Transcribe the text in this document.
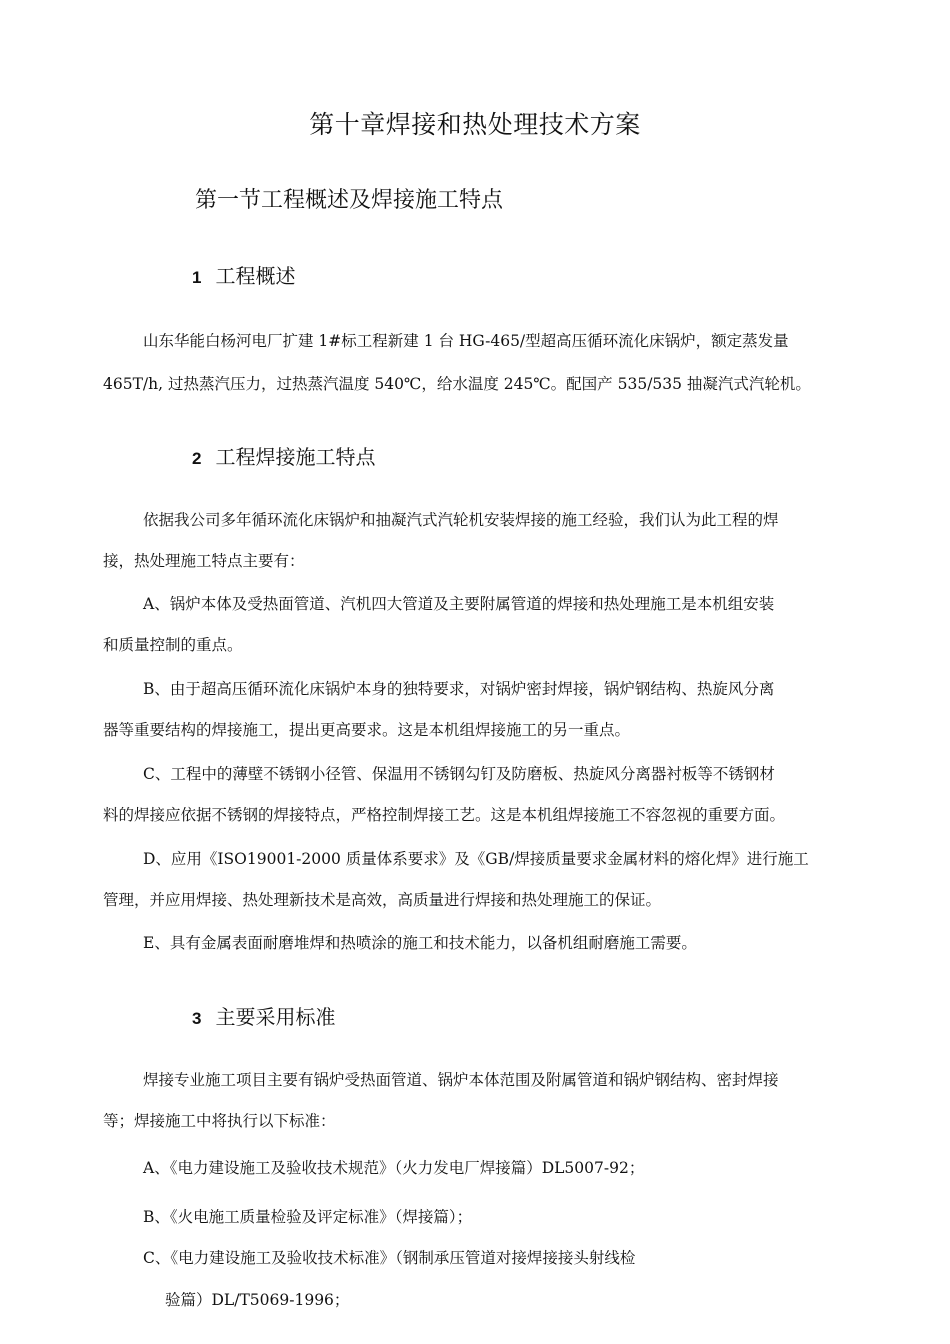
第十章焊接和热处理技术方案
第一节工程概述及焊接施工特点
1 工程概述
山东华能白杨河电厂扩建 1#标工程新建 1 台 HG-465/型超高压循环流化床锅炉，额定蒸发量
465T/h, 过热蒸汽压力，过热蒸汽温度 540℃，给水温度 245℃。配国产 535/535 抽凝汽式汽轮机。
2 工程焊接施工特点
依据我公司多年循环流化床锅炉和抽凝汽式汽轮机安装焊接的施工经验，我们认为此工程的焊
接，热处理施工特点主要有：
A、锅炉本体及受热面管道、汽机四大管道及主要附属管道的焊接和热处理施工是本机组安装
和质量控制的重点。
B、由于超高压循环流化床锅炉本身的独特要求，对锅炉密封焊接，锅炉钢结构、热旋风分离
器等重要结构的焊接施工，提出更高要求。这是本机组焊接施工的另一重点。
C、工程中的薄壁不锈钢小径管、保温用不锈钢勾钉及防磨板、热旋风分离器衬板等不锈钢材
料的焊接应依据不锈钢的焊接特点，严格控制焊接工艺。这是本机组焊接施工不容忽视的重要方面。
D、应用《ISO19001-2000 质量体系要求》及《GB/焊接质量要求金属材料的熔化焊》进行施工
管理，并应用焊接、热处理新技术是高效，高质量进行焊接和热处理施工的保证。
E、具有金属表面耐磨堆焊和热喷涂的施工和技术能力，以备机组耐磨施工需要。
3 主要采用标准
焊接专业施工项目主要有锅炉受热面管道、锅炉本体范围及附属管道和锅炉钢结构、密封焊接
等；焊接施工中将执行以下标准：
A、《电力建设施工及验收技术规范》（火力发电厂焊接篇）DL5007-92；
B、《火电施工质量检验及评定标准》（焊接篇）；
C、《电力建设施工及验收技术标准》（钢制承压管道对接焊接接头射线检
验篇）DL/T5069-1996；
